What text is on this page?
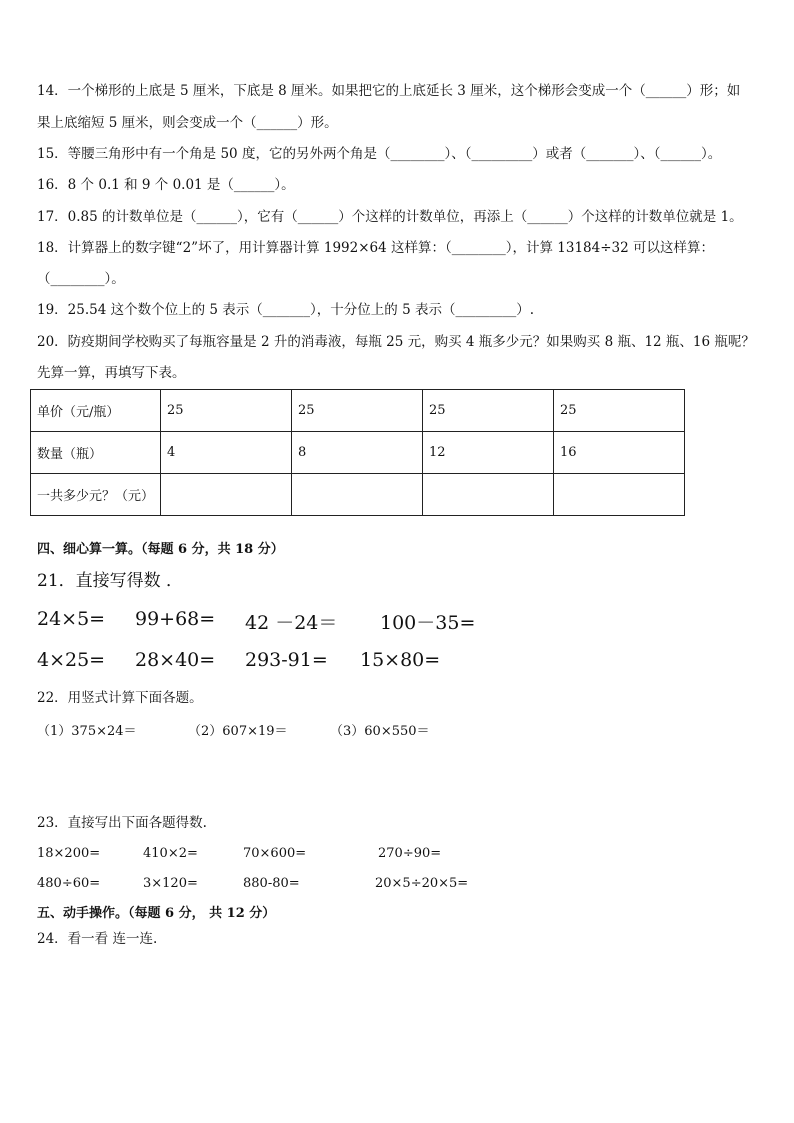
14．一个梯形的上底是 5 厘米，下底是 8 厘米。如果把它的上底延长 3 厘米，这个梯形会变成一个（______）形；如
果上底缩短 5 厘米，则会变成一个（______）形。
15．等腰三角形中有一个角是 50 度，它的另外两个角是（________）、（_________）或者（_______）、（______）。
16．8 个 0.1 和 9 个 0.01 是（______）。
17．0.85 的计数单位是（______），它有（______）个这样的计数单位，再添上（______）个这样的计数单位就是 1。
18．计算器上的数字键“2”坏了，用计算器计算 1992×64 这样算：（________），计算 13184÷32 可以这样算：
（________）。
19．25.54 这个数个位上的 5 表示（_______），十分位上的 5 表示（_________）.
20．防疫期间学校购买了每瓶容量是 2 升的消毒液，每瓶 25 元，购买 4 瓶多少元？如果购买 8 瓶、12 瓶、16 瓶呢？
先算一算，再填写下表。
单价（元/瓶）	25	25	25	25
数量（瓶）	4	8	12	16
一共多少元？（元）				
四、细心算一算。（每题 6 分，共 18 分）
21．直接写得数 ．
24×5= 99+68= 42 －24＝ 100－35=
4×25= 28×40= 293-91= 15×80=
22．用竖式计算下面各题。
（1）375×24＝	（2）607×19＝	（3）60×550＝
23．直接写出下面各题得数.
18×200=	410×2=	70×600=	270÷90=
480÷60=	3×120=	880-80=	20×5÷20×5=
五、动手操作。（每题 6 分， 共 12 分）
24．看一看 连一连.
